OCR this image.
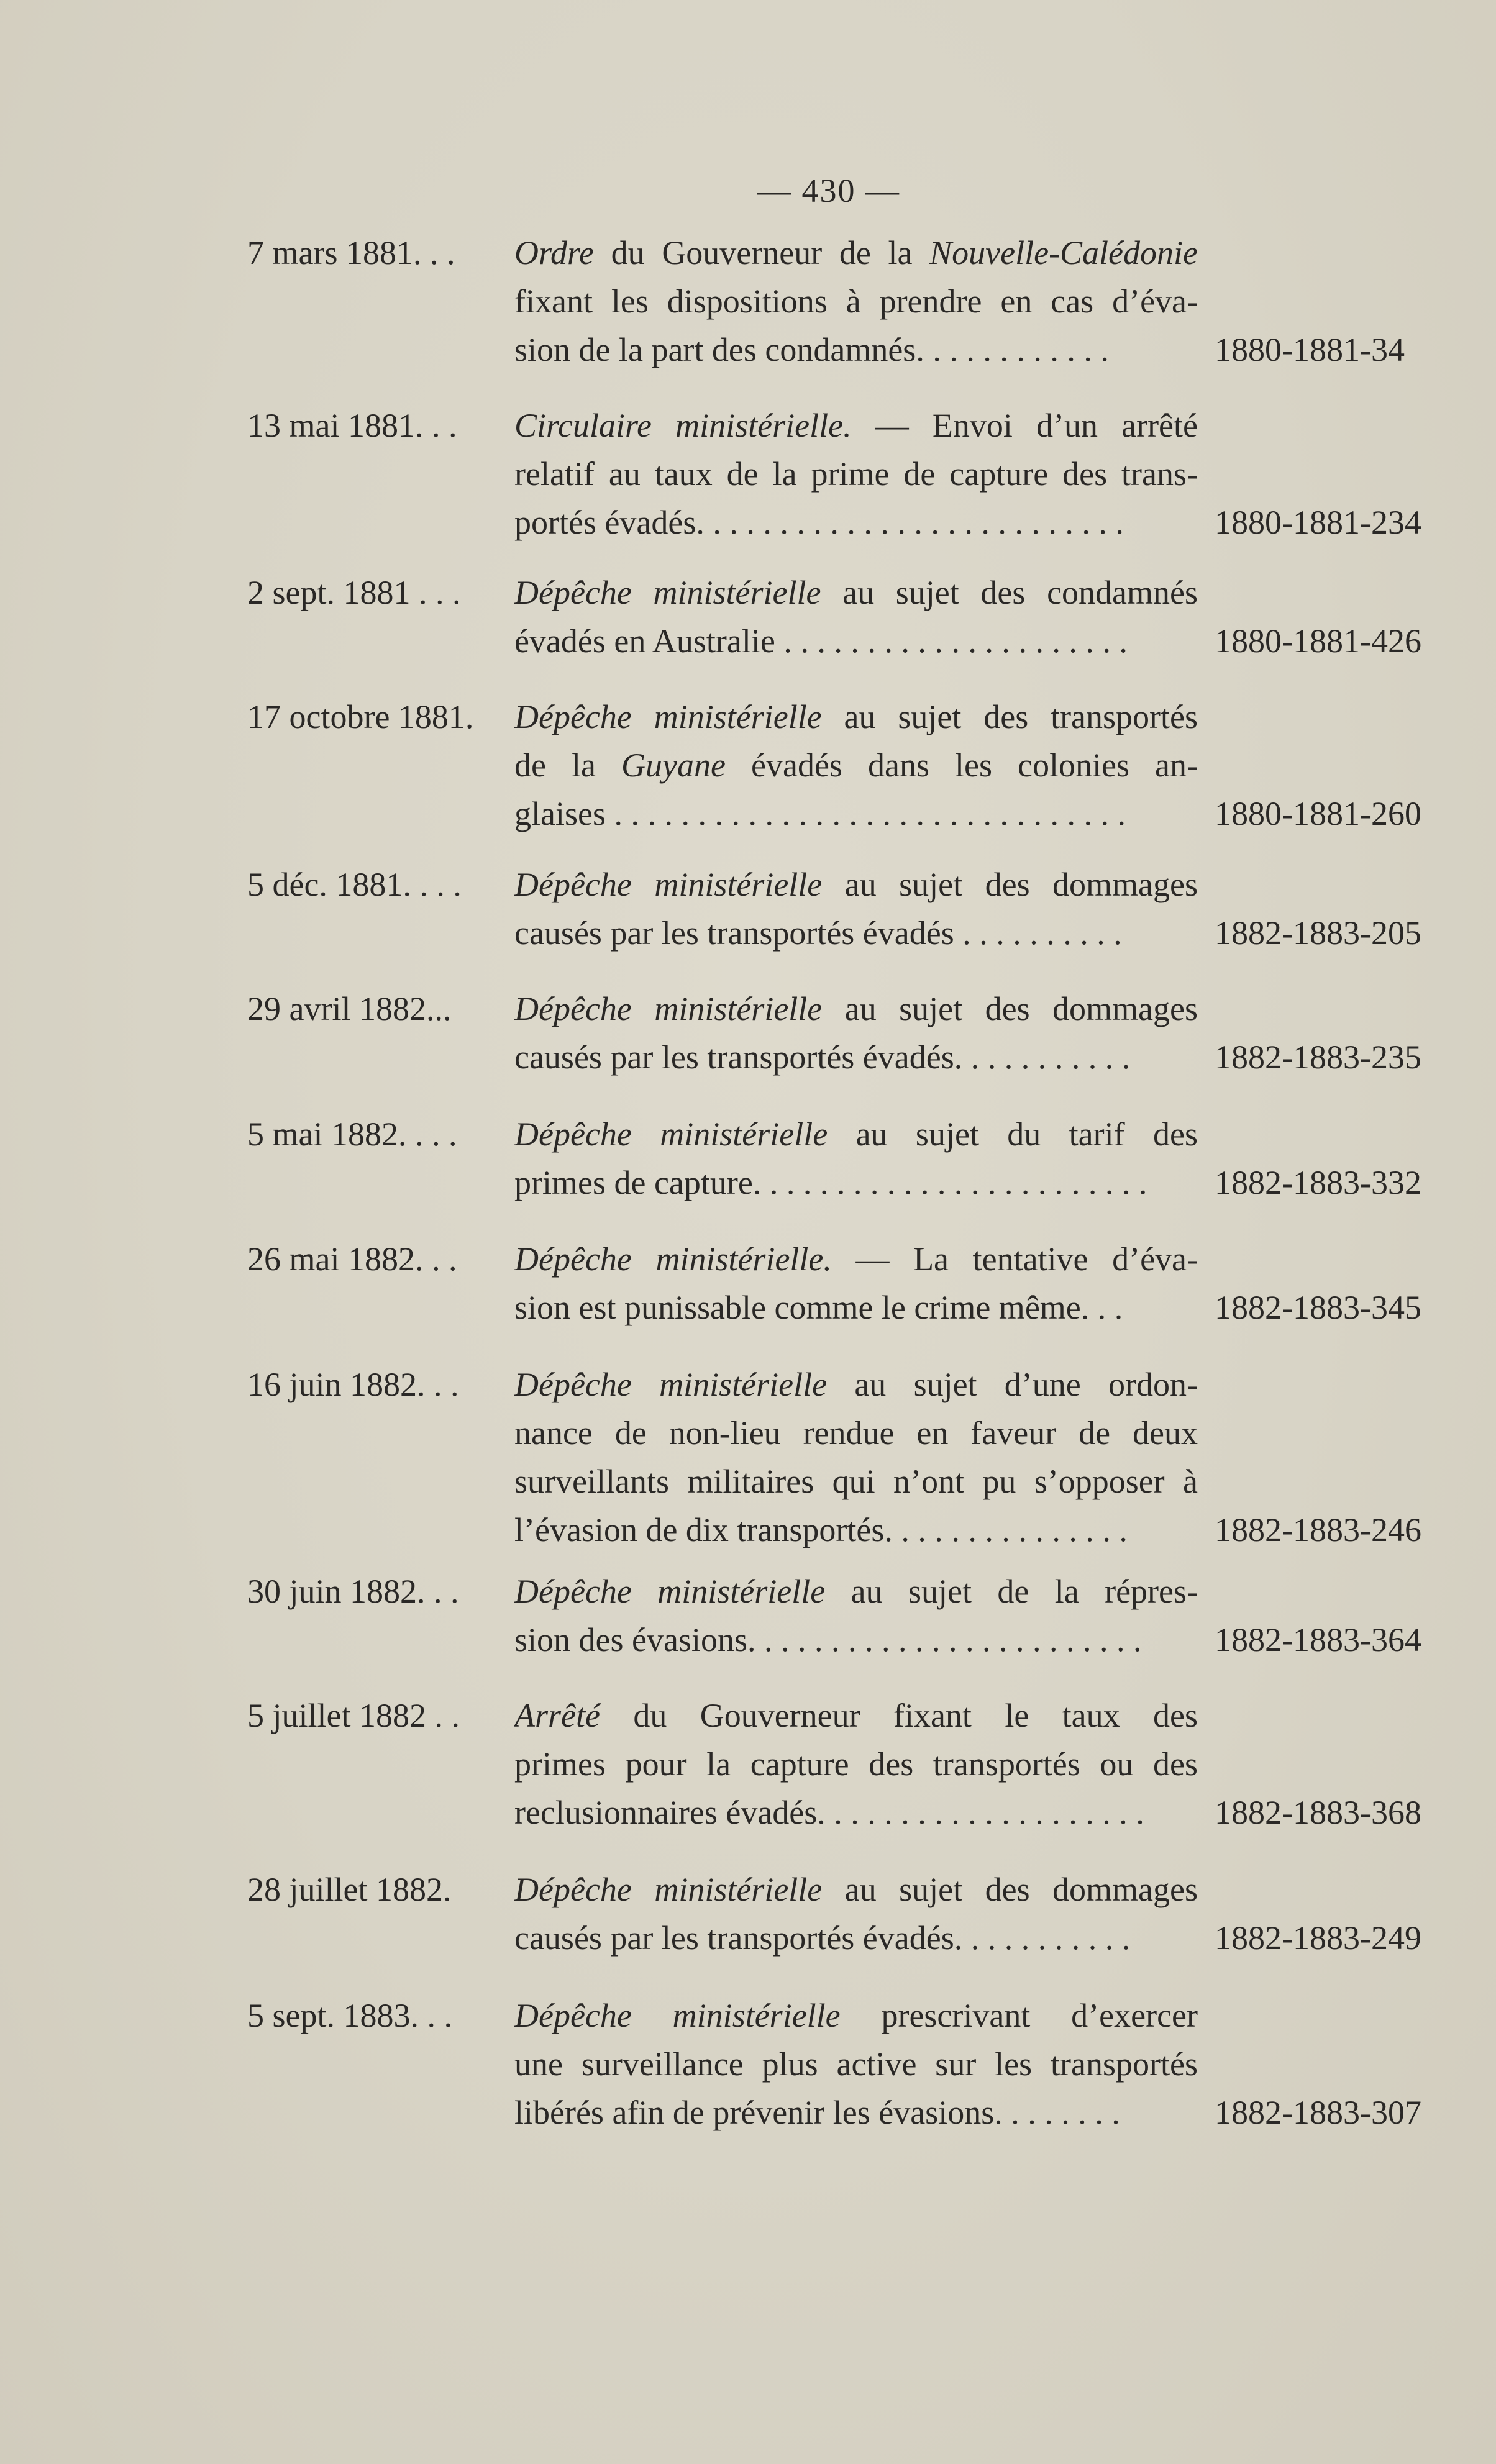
— 430 —
7 mars 1881. . . Ordre du Gouverneur de la Nouvelle-Calédonie
fixant les dispositions à prendre en cas d’éva-
sion de la part des condamnés. . . . . . . . . . . .	1880-1881-34
13 mai 1881. . . Circulaire ministérielle. — Envoi d’un arrêté
relatif au taux de la prime de capture des trans-
portés évadés. . . . . . . . . . . . . . . . . . . . . . . . . .	1880-1881-234
2 sept. 1881 . . . Dépêche ministérielle au sujet des condamnés
évadés en Australie . . . . . . . . . . . . . . . . . . . . .	1880-1881-426
17 octobre 1881. Dépêche ministérielle au sujet des transportés
de la Guyane évadés dans les colonies an-
glaises . . . . . . . . . . . . . . . . . . . . . . . . . . . . . . .	1880-1881-260
5 déc. 1881. . . . Dépêche ministérielle au sujet des dommages
causés par les transportés évadés . . . . . . . . . .	1882-1883-205
29 avril 1882... Dépêche ministérielle au sujet des dommages
causés par les transportés évadés. . . . . . . . . . .	1882-1883-235
5 mai 1882. . . . Dépêche ministérielle au sujet du tarif des
primes de capture. . . . . . . . . . . . . . . . . . . . . . . .	1882-1883-332
26 mai 1882. . . Dépêche ministérielle. — La tentative d’éva-
sion est punissable comme le crime même. . .	1882-1883-345
16 juin 1882. . . Dépêche ministérielle au sujet d’une ordon-
nance de non-lieu rendue en faveur de deux
surveillants militaires qui n’ont pu s’opposer à
l’évasion de dix transportés. . . . . . . . . . . . . . .	1882-1883-246
30 juin 1882. . . Dépêche ministérielle au sujet de la répres-
sion des évasions. . . . . . . . . . . . . . . . . . . . . . . .	1882-1883-364
5 juillet 1882 . . Arrêté du Gouverneur fixant le taux des
primes pour la capture des transportés ou des
reclusionnaires évadés. . . . . . . . . . . . . . . . . . . .	1882-1883-368
28 juillet 1882. Dépêche ministérielle au sujet des dommages
causés par les transportés évadés. . . . . . . . . . .	1882-1883-249
5 sept. 1883. . . Dépêche ministérielle prescrivant d’exercer
une surveillance plus active sur les transportés
libérés afin de prévenir les évasions. . . . . . . .	1882-1883-307
